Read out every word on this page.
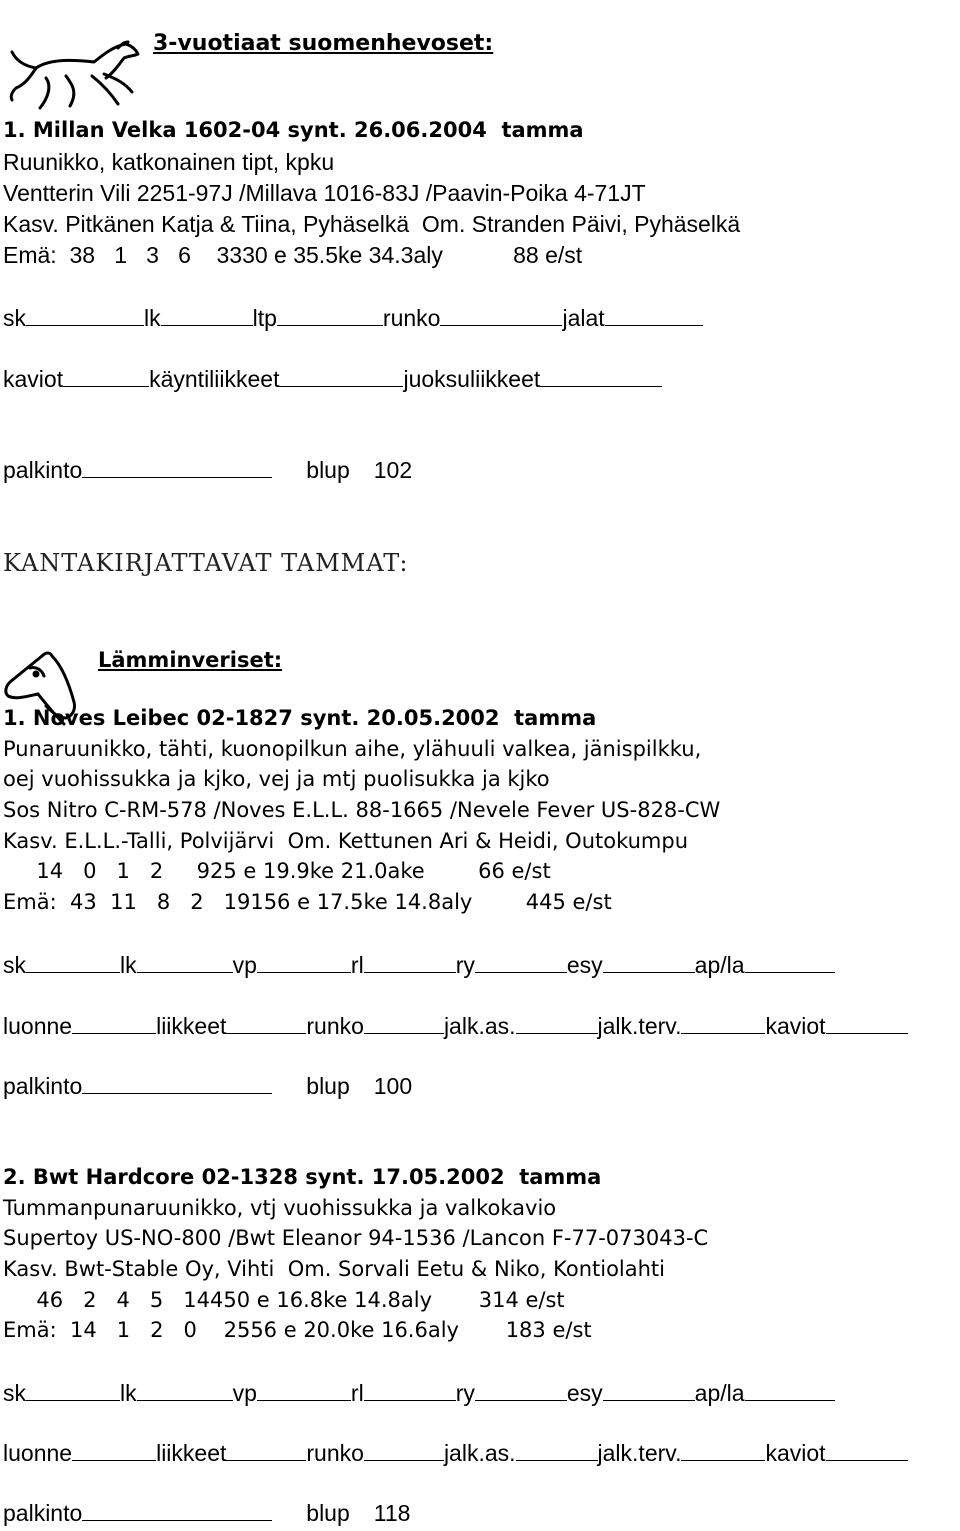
3-vuotiaat suomenhevoset:
1. Millan Velka 1602-04 synt. 26.06.2004  tamma
Ruunikko, katkonainen tipt, kpku
Ventterin Vili 2251-97J /Millava 1016-83J /Paavin-Poika 4-71JT
Kasv. Pitkänen Katja & Tiina, Pyhäselkä  Om. Stranden Päivi, Pyhäselkä
Emä:  38   1   3   6    3330 e 35.5ke 34.3aly           88 e/st
sk	lk	ltp	runko	jalat
kaviot	käyntiliikkeet	juoksuliikkeet
palkinto	blup 102
KANTAKIRJATTAVAT TAMMAT:

Lämminveriset:
1. Noves Leibec 02-1827 synt. 20.05.2002  tamma
Punaruunikko, tähti, kuonopilkun aihe, ylähuuli valkea, jänispilkku,
oej vuohissukka ja kjko, vej ja mtj puolisukka ja kjko
Sos Nitro C-RM-578 /Noves E.L.L. 88-1665 /Nevele Fever US-828-CW
Kasv. E.L.L.-Talli, Polvijärvi  Om. Kettunen Ari & Heidi, Outokumpu
14   0   1   2     925 e 19.9ke 21.0ake        66 e/st
Emä:  43  11   8   2   19156 e 17.5ke 14.8aly        445 e/st
sk	lk	vp	rl	ry	esy	ap/la
luonne	liikkeet	runko	jalk.as.	jalk.terv.	kaviot
palkinto	blup 100
2. Bwt Hardcore 02-1328 synt. 17.05.2002  tamma
Tummanpunaruunikko, vtj vuohissukka ja valkokavio
Supertoy US-NO-800 /Bwt Eleanor 94-1536 /Lancon F-77-073043-C
Kasv. Bwt-Stable Oy, Vihti  Om. Sorvali Eetu & Niko, Kontiolahti
46   2   4   5   14450 e 16.8ke 14.8aly       314 e/st
Emä:  14   1   2   0    2556 e 20.0ke 16.6aly       183 e/st
sk	lk	vp	rl	ry	esy	ap/la
luonne	liikkeet	runko	jalk.as.	jalk.terv.	kaviot
palkinto	blup 118
